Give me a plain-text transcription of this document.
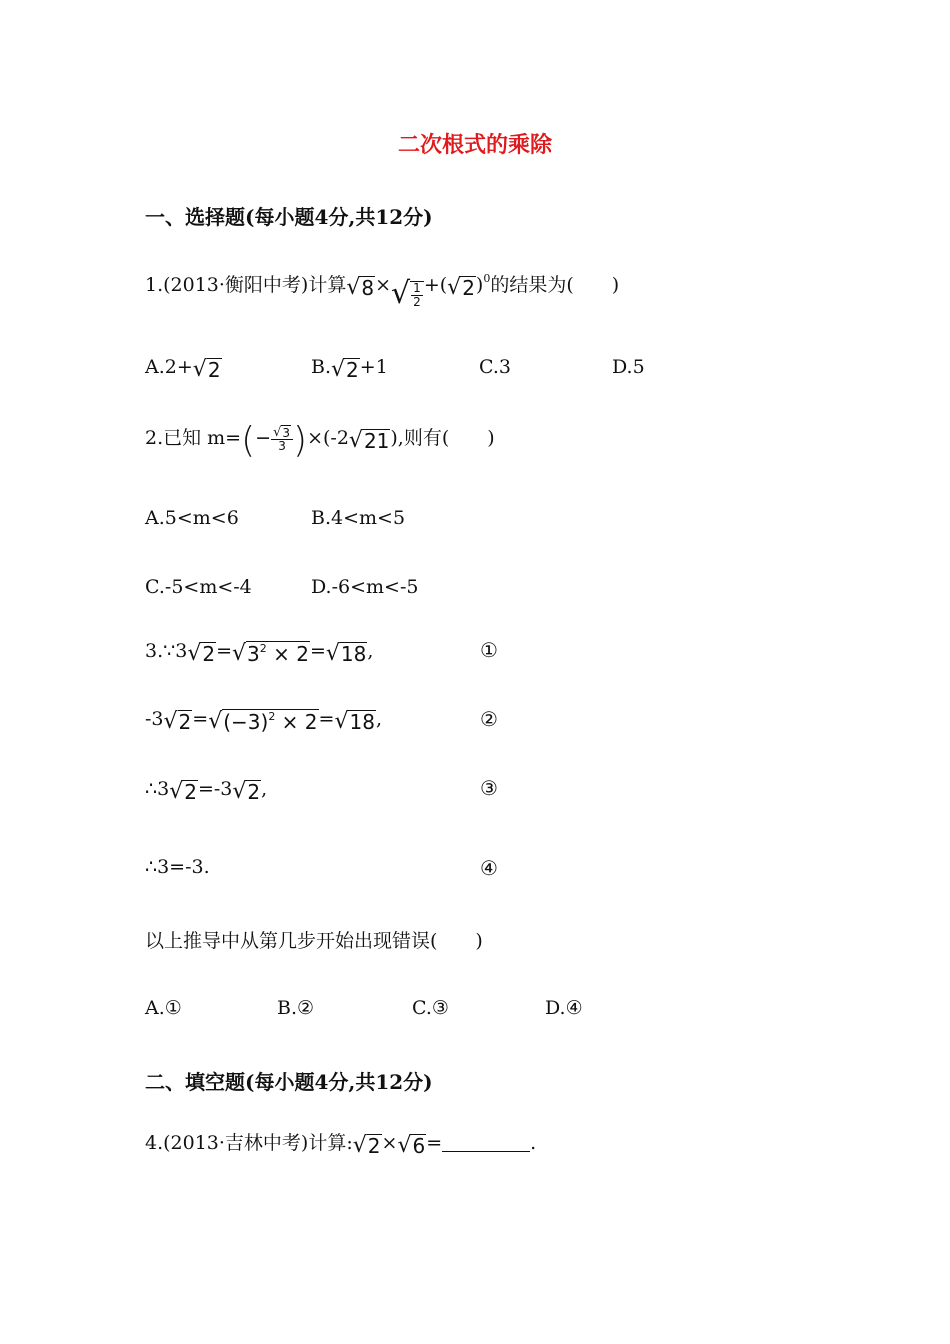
二次根式的乘除
一、选择题(每小题4分,共12分)
1.(2013·衡阳中考)计算 √ 8 × √ $\frac{1}{2}$ +( √ 2 )$^0$的结果为(　　)
A.2+ √ 2	B. √ 2 +1	C.3	D.5
2.已知 $m=(- \frac{√ 3}{3} )\times(-2$ √ 21 ),则有(　　)
A.5<m<6	B.4<m<5
C.-5<m<-4	D.-6<m<-5
3.∵3 √ 2 = √ $3^2 \times 2$ = √ 18 ,	①
-3 √ 2 = √ $(-3)^2 \times 2$ = √ 18 ,	②
∴3 √ 2 =-3 √ 2 ,	③
∴3=-3.	④
以上推导中从第几步开始出现错误(　　)
A.①	B.②	C.③	D.④
二、填空题(每小题4分,共12分)
4.(2013·吉林中考)计算: √ 2 × √ 6 =	.
